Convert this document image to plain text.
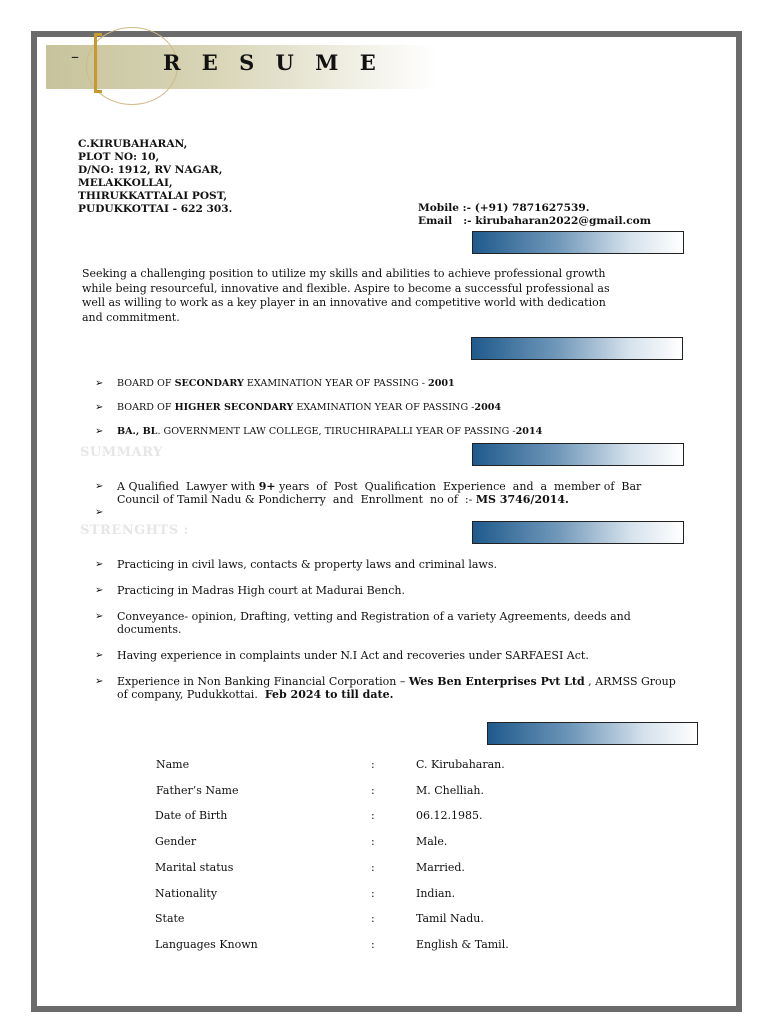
–	R E S U M E
C.KIRUBAHARAN,
PLOT NO: 10,
D/NO: 1912, RV NAGAR,
MELAKKOLLAI,
THIRUKKATTALAI POST,
PUDUKKOTTAI - 622 303.	Mobile :- (+91) 7871627539.
Email   :- kirubaharan2022@gmail.com
Seeking a challenging position to utilize my skills and abilities to achieve professional growth
while being resourceful, innovative and flexible. Aspire to become a successful professional as
well as willing to work as a key player in an innovative and competitive world with dedication
and commitment.
➢ BOARD OF SECONDARY EXAMINATION YEAR OF PASSING - 2001
➢ BOARD OF HIGHER SECONDARY EXAMINATION YEAR OF PASSING -2004
➢ BA., BL. GOVERNMENT LAW COLLEGE, TIRUCHIRAPALLI YEAR OF PASSING -2014
SUMMARY
➢ A Qualified  Lawyer with 9+ years  of  Post  Qualification  Experience  and  a  member of  Bar
Council of Tamil Nadu & Pondicherry  and  Enrollment  no of  :- MS 3746/2014.
➢
STRENGHTS :
➢ Practicing in civil laws, contacts & property laws and criminal laws.
➢ Practicing in Madras High court at Madurai Bench.
➢ Conveyance- opinion, Drafting, vetting and Registration of a variety Agreements, deeds and
documents.
➢ Having experience in complaints under N.I Act and recoveries under SARFAESI Act.
➢ Experience in Non Banking Financial Corporation – Wes Ben Enterprises Pvt Ltd , ARMSS Group
of company, Pudukkottai.  Feb 2024 to till date.
Name	:	C. Kirubaharan.
Father’s Name	:	M. Chelliah.
Date of Birth	:	06.12.1985.
Gender	:	Male.
Marital status	:	Married.
Nationality	:	Indian.
State	:	Tamil Nadu.
Languages Known	:	English & Tamil.
